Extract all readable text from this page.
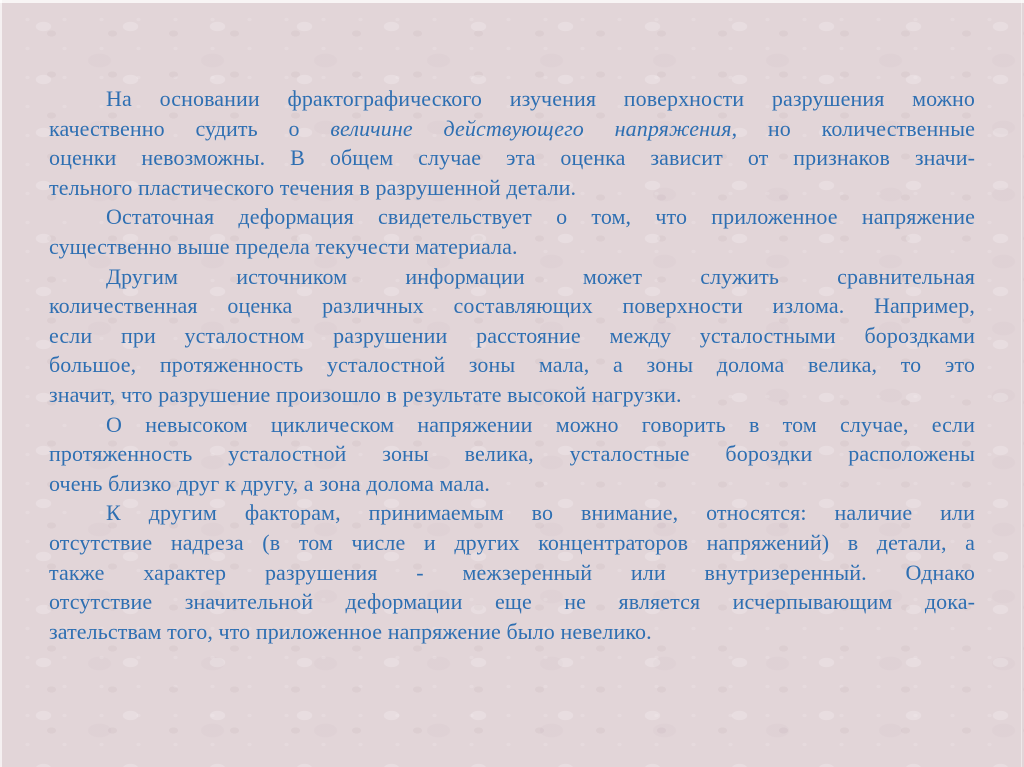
На основании фрактографического изучения поверхности разрушения можно
качественно судить о величине действующего напряжения, но количественные
оценки невозможны. В общем случае эта оценка зависит от признаков значи-
тельного пластического течения в разрушенной детали.
Остаточная деформация свидетельствует о том, что приложенное напряжение
существенно выше предела текучести материала.
Другим источником информации может служить сравнительная
количественная оценка различных составляющих поверхности излома. Например,
если при усталостном разрушении расстояние между усталостными бороздками
большое, протяженность усталостной зоны мала, а зоны долома велика, то это
значит, что разрушение произошло в результате высокой нагрузки.
О невысоком циклическом напряжении можно говорить в том случае, если
протяженность усталостной зоны велика, усталостные бороздки расположены
очень близко друг к другу, а зона долома мала.
К другим факторам, принимаемым во внимание, относятся: наличие или
отсутствие надреза (в том числе и других концентраторов напряжений) в детали, а
также характер разрушения - межзеренный или внутризеренный. Однако
отсутствие значительной деформации еще не является исчерпывающим дока-
зательствам того, что приложенное напряжение было невелико.
